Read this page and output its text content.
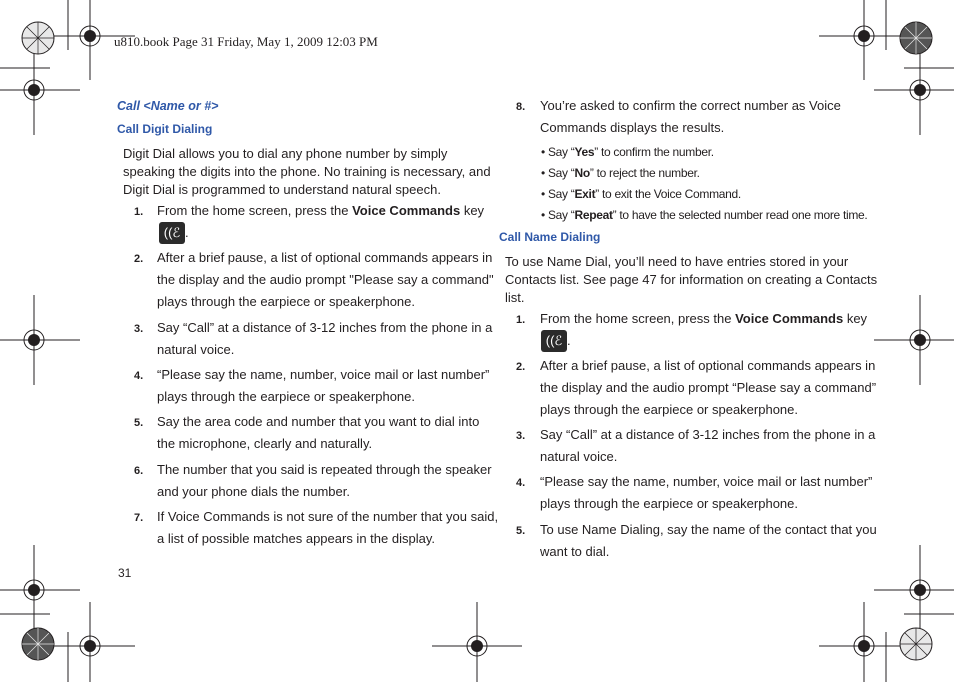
u810.book Page 31 Friday, May 1, 2009 12:03 PM
Call <Name or #>
Call Digit Dialing
Digit Dial allows you to dial any phone number by simply
speaking the digits into the phone. No training is necessary, and
Digit Dial is programmed to understand natural speech.
1. From the home screen, press the Voice Commands key
((ℰ .
2. After a brief pause, a list of optional commands appears in
the display and the audio prompt "Please say a command"
plays through the earpiece or speakerphone.
3. Say “Call” at a distance of 3-12 inches from the phone in a
natural voice.
4. “Please say the name, number, voice mail or last number”
plays through the earpiece or speakerphone.
5. Say the area code and number that you want to dial into
the microphone, clearly and naturally.
6. The number that you said is repeated through the speaker
and your phone dials the number.
7. If Voice Commands is not sure of the number that you said,
a list of possible matches appears in the display.
31
8. You’re asked to confirm the correct number as Voice
Commands displays the results.
• Say “Yes” to confirm the number.
• Say “No” to reject the number.
• Say “Exit” to exit the Voice Command.
• Say “Repeat” to have the selected number read one more time.
Call Name Dialing
To use Name Dial, you’ll need to have entries stored in your
Contacts list. See page 47 for information on creating a Contacts
list.
1. From the home screen, press the Voice Commands key
((ℰ .
2. After a brief pause, a list of optional commands appears in
the display and the audio prompt “Please say a command”
plays through the earpiece or speakerphone.
3. Say “Call” at a distance of 3-12 inches from the phone in a
natural voice.
4. “Please say the name, number, voice mail or last number”
plays through the earpiece or speakerphone.
5. To use Name Dialing, say the name of the contact that you
want to dial.
